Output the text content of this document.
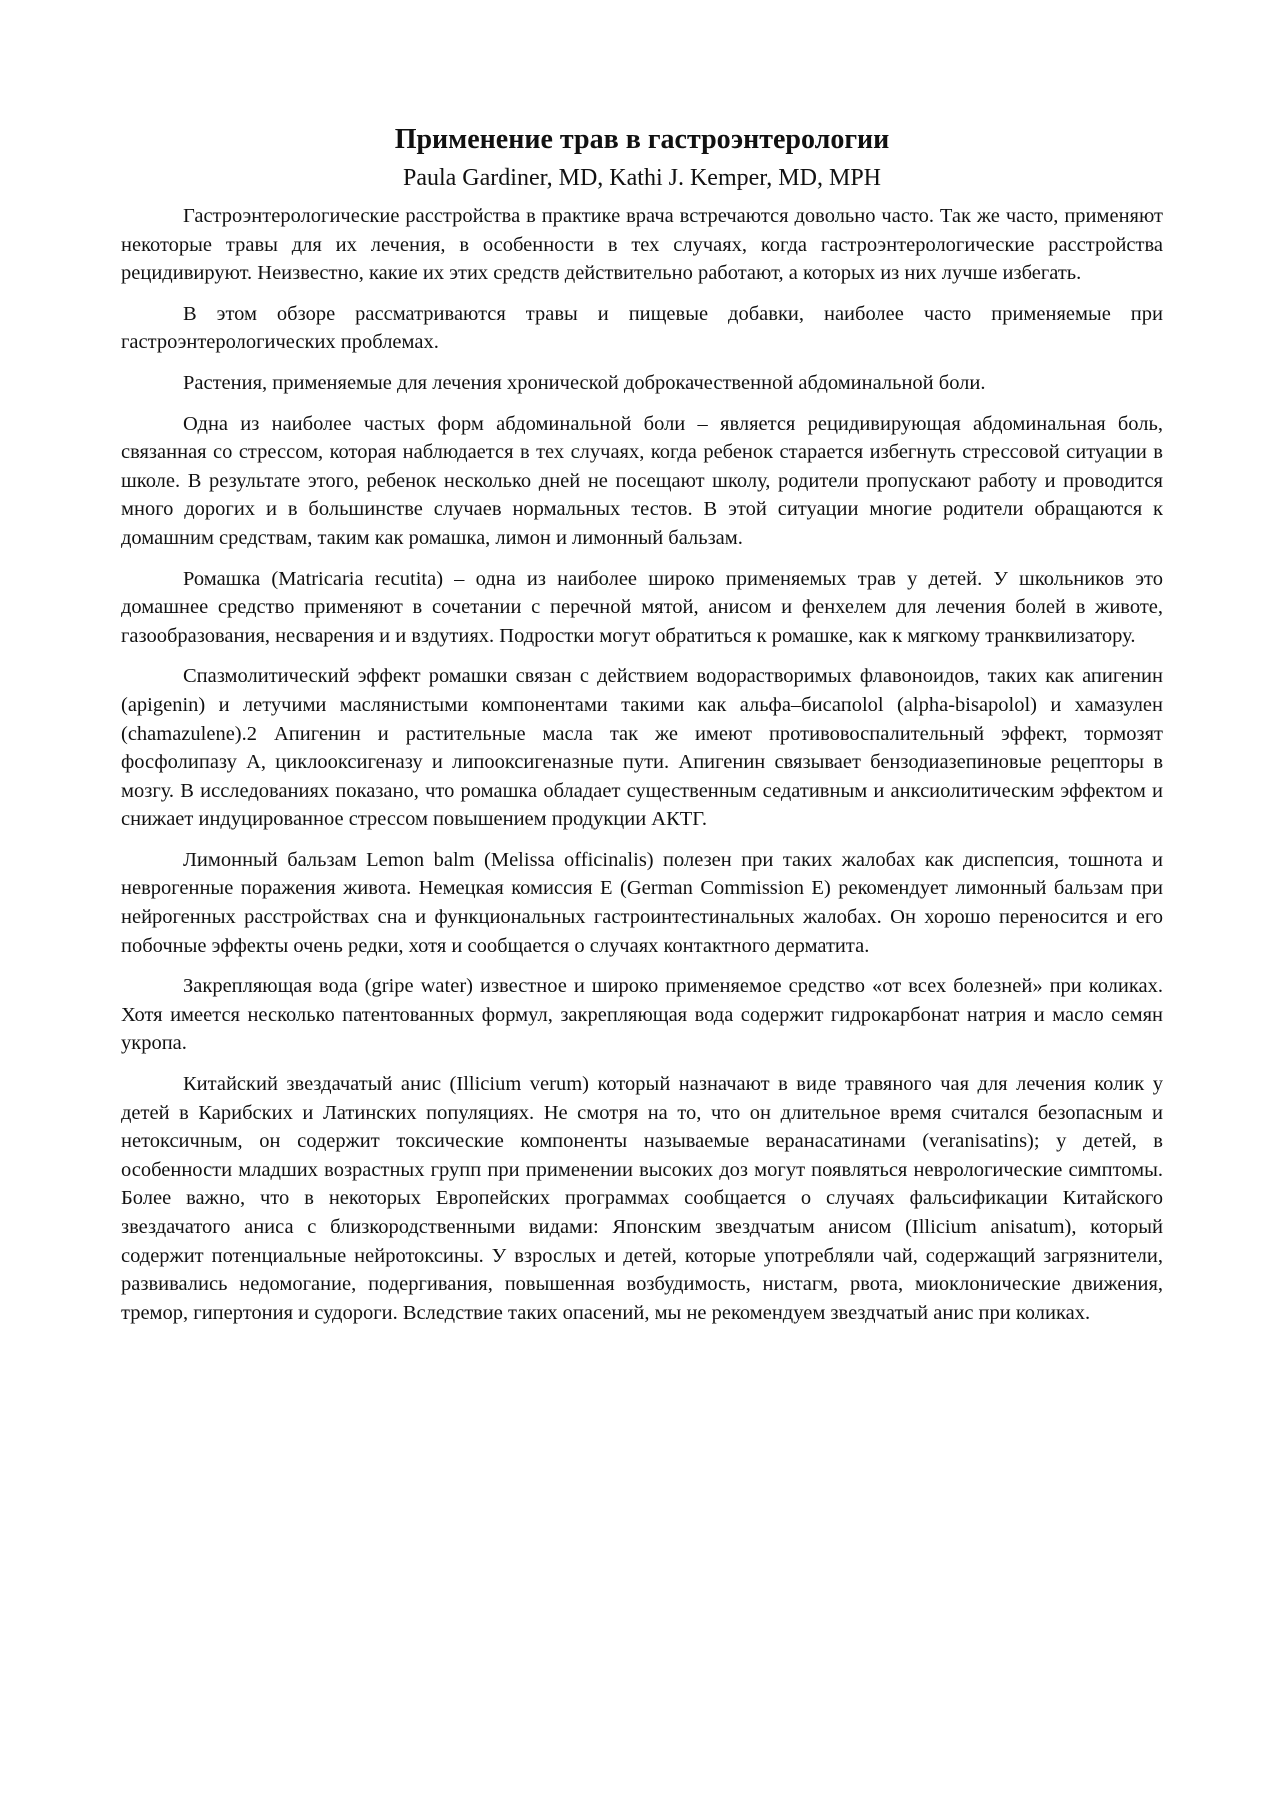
Применение трав в гастроэнтерологии
Paula Gardiner, MD, Kathi J. Kemper, MD, MPH

Гастроэнтерологические расстройства в практике врача встречаются довольно часто. Так же часто, применяют некоторые травы для их лечения, в особенности в тех случаях, когда гастроэнтерологические расстройства рецидивируют. Неизвестно, какие их этих средств действительно работают, а которых из них лучше избегать.

В этом обзоре рассматриваются травы и пищевые добавки, наиболее часто применяемые при гастроэнтерологических проблемах.

Растения, применяемые для лечения хронической доброкачественной абдоминальной боли.

Одна из наиболее частых форм абдоминальной боли – является рецидивирующая абдоминальная боль, связанная со стрессом, которая наблюдается в тех случаях, когда ребенок старается избегнуть стрессовой ситуации в школе. В результате этого, ребенок несколько дней не посещают школу, родители пропускают работу и проводится много дорогих и в большинстве случаев нормальных тестов. В этой ситуации многие родители обращаются к домашним средствам, таким как ромашка, лимон и лимонный бальзам.

Ромашка (Matricaria recutita) – одна из наиболее широко применяемых трав у детей. У школьников это домашнее средство применяют в сочетании с перечной мятой, анисом и фенхелем для лечения болей в животе, газообразования, несварения и и вздутиях. Подростки могут обратиться к ромашке, как к мягкому транквилизатору.

Спазмолитический эффект ромашки связан с действием водорастворимых флавоноидов, таких как апигенин (apigenin) и летучими маслянистыми компонентами такими как альфа–бисапolol (alpha-bisapolol) и хамазулен (chamazulene).2 Апигенин и растительные масла так же имеют противовоспалительный эффект, тормозят фосфолипазу А, циклооксигеназу и липооксигеназные пути. Апигенин связывает бензодиазепиновые рецепторы в мозгу. В исследованиях показано, что ромашка обладает существенным седативным и анксиолитическим эффектом и снижает индуцированное стрессом повышением продукции АКТГ.

Лимонный бальзам Lemon balm (Melissa officinalis) полезен при таких жалобах как диспепсия, тошнота и неврогенные поражения живота. Немецкая комиссия Е (German Commission E) рекомендует лимонный бальзам при нейрогенных расстройствах сна и функциональных гастроинтестинальных жалобах. Он хорошо переносится и его побочные эффекты очень редки, хотя и сообщается о случаях контактного дерматита.

Закрепляющая вода (gripe water) известное и широко применяемое средство «от всех болезней» при коликах. Хотя имеется несколько патентованных формул, закрепляющая вода содержит гидрокарбонат натрия и масло семян укропа.

Китайский звездачатый анис (Illicium verum) который назначают в виде травяного чая для лечения колик у детей в Карибских и Латинских популяциях. Не смотря на то, что он длительное время считался безопасным и нетоксичным, он содержит токсические компоненты называемые веранасатинами (veranisatins); у детей, в особенности младших возрастных групп при применении высоких доз могут появляться неврологические симптомы. Более важно, что в некоторых Европейских программах сообщается о случаях фальсификации Китайского звездачатого аниса с близкородственными видами: Японским звездчатым анисом (Illicium anisatum), который содержит потенциальные нейротоксины. У взрослых и детей, которые употребляли чай, содержащий загрязнители, развивались недомогание, подергивания, повышенная возбудимость, нистагм, рвота, миоклонические движения, тремор, гипертония и судороги. Вследствие таких опасений, мы не рекомендуем звездчатый анис при коликах.
